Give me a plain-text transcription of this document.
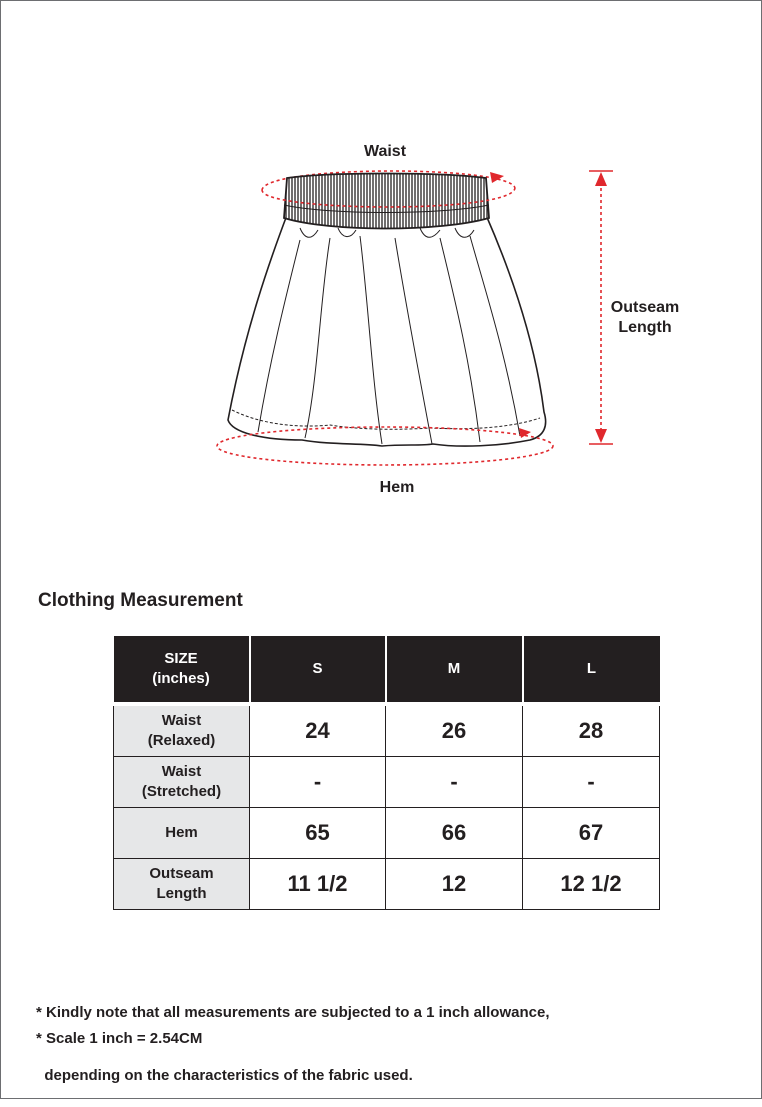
Waist
Hem
Outseam
Length
Clothing Measurement
SIZE
(inches)	S	M	L

Waist
(Relaxed)	24	26	28

Waist
(Stretched)	-	-	-

Hem	65	66	67

Outseam
Length	11 1/2	12	12 1/2

* Kindly note that all measurements are subjected to a 1 inch allowance,

depending on the characteristics of the fabric used.

* Scale 1 inch = 2.54CM
